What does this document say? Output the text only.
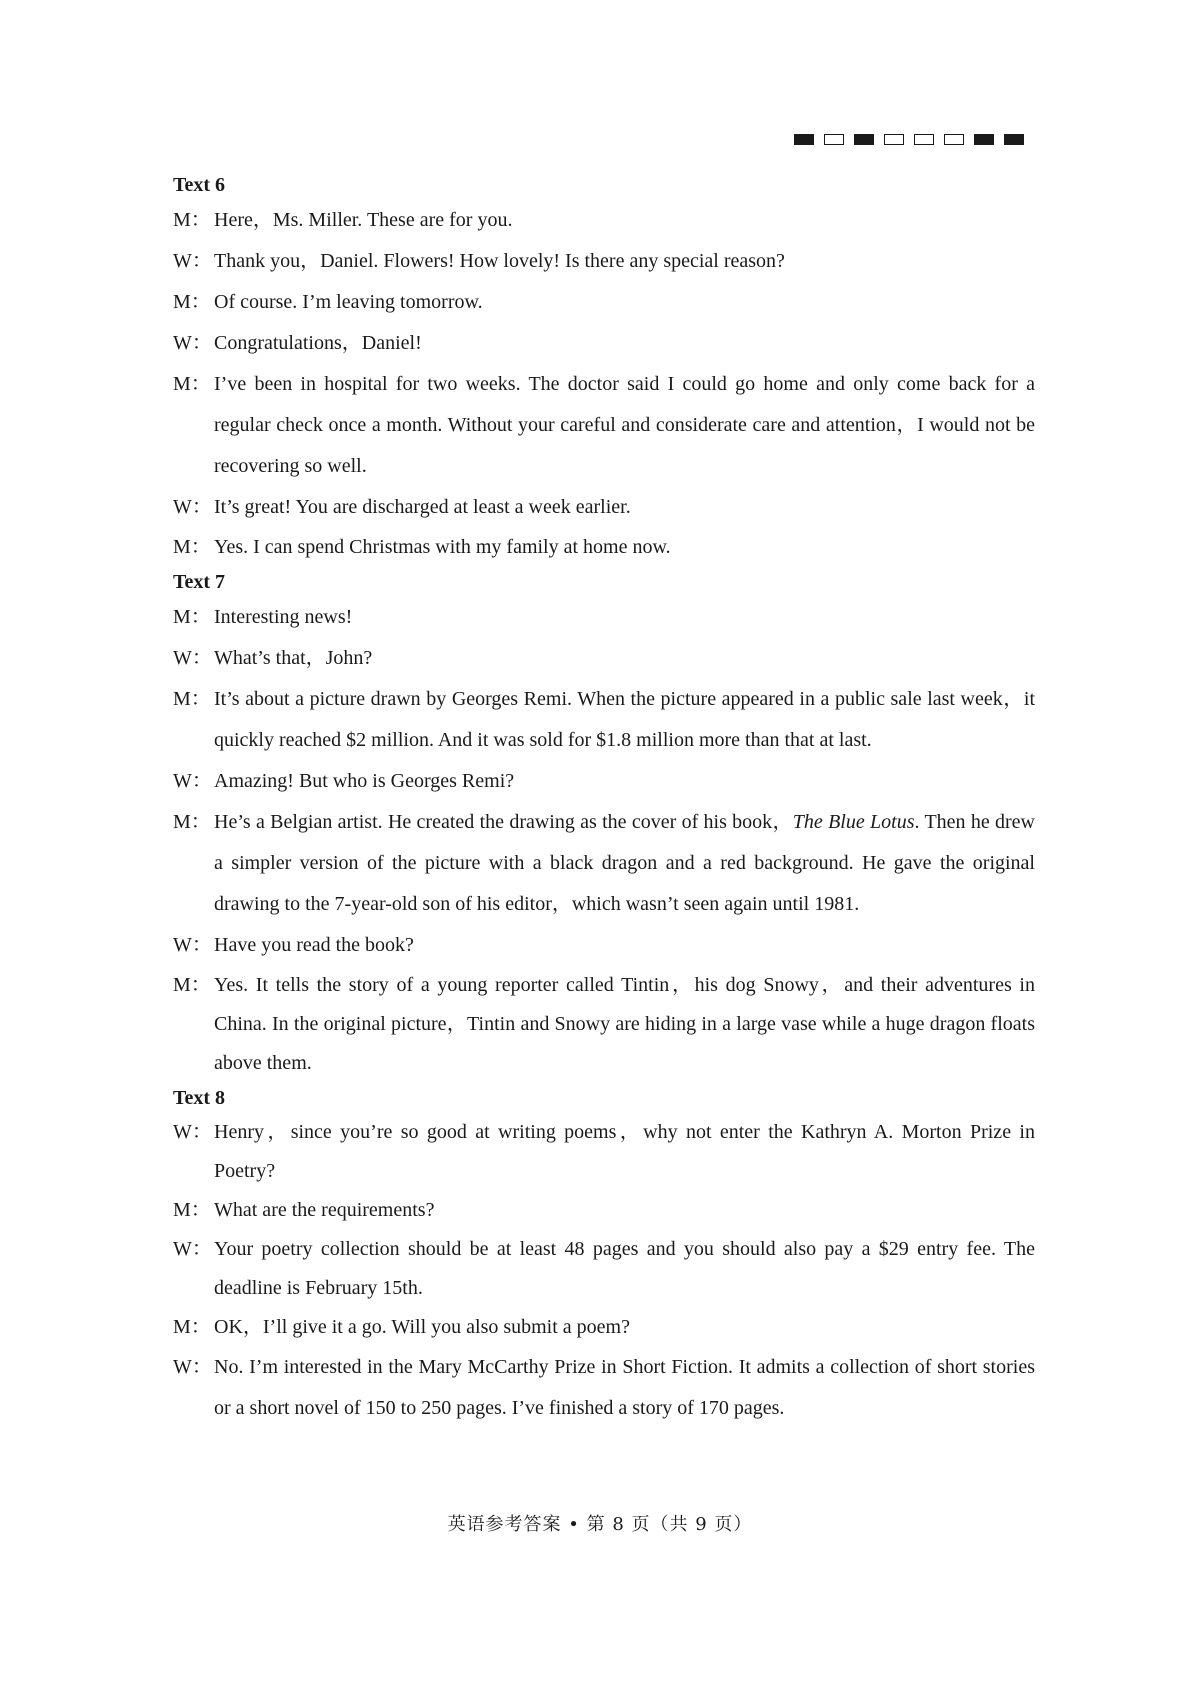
Text 6

M： Here，Ms. Miller. These are for you.

W： Thank you，Daniel. Flowers! How lovely! Is there any special reason?

M： Of course. I’m leaving tomorrow.

W： Congratulations，Daniel!

M： I’ve been in hospital for two weeks. The doctor said I could go home and only come back for a regular check once a month. Without your careful and considerate care and attention，I would not be recovering so well.

W： It’s great! You are discharged at least a week earlier.

M： Yes. I can spend Christmas with my family at home now.

Text 7

M： Interesting news!

W： What’s that，John?

M： It’s about a picture drawn by Georges Remi. When the picture appeared in a public sale last week，it quickly reached $2 million. And it was sold for $1.8 million more than that at last.

W： Amazing! But who is Georges Remi?

M： He’s a Belgian artist. He created the drawing as the cover of his book，The Blue Lotus. Then he drew a simpler version of the picture with a black dragon and a red background. He gave the original drawing to the 7-year-old son of his editor，which wasn’t seen again until 1981.

W： Have you read the book?

M： Yes. It tells the story of a young reporter called Tintin，his dog Snowy，and their adventures in China. In the original picture，Tintin and Snowy are hiding in a large vase while a huge dragon floats above them.

Text 8

W： Henry，since you’re so good at writing poems，why not enter the Kathryn A. Morton Prize in Poetry?

M： What are the requirements?

W： Your poetry collection should be at least 48 pages and you should also pay a $29 entry fee. The deadline is February 15th.

M： OK，I’ll give it a go. Will you also submit a poem?

W： No. I’m interested in the Mary McCarthy Prize in Short Fiction. It admits a collection of short stories or a short novel of 150 to 250 pages. I’ve finished a story of 170 pages.

英语参考答案 • 第 8 页（共 9 页）
